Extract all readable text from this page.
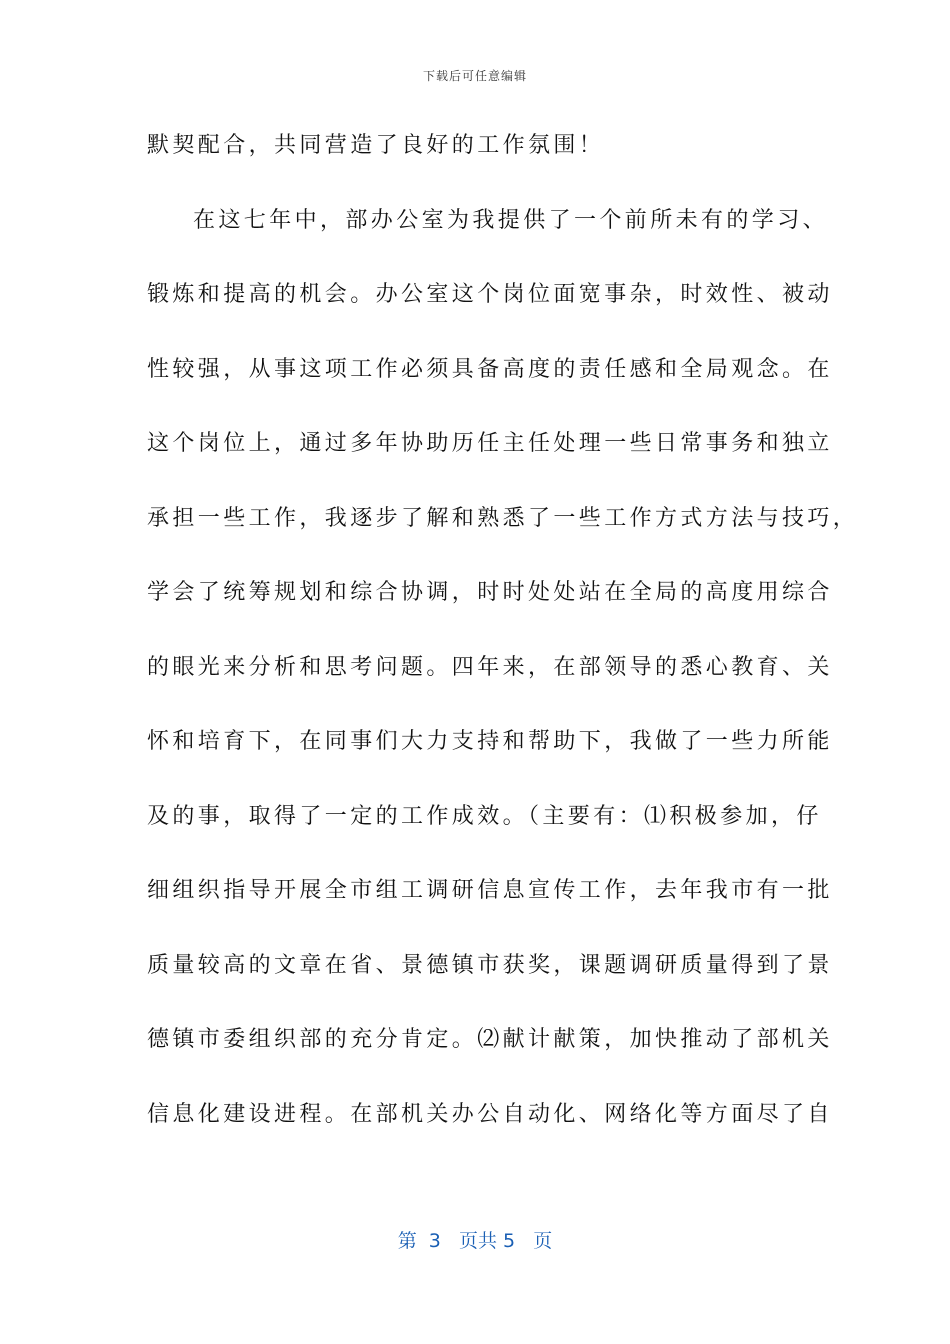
下载后可任意编辑
默契配合，共同营造了良好的工作氛围！
在这七年中，部办公室为我提供了一个前所未有的学习、
锻炼和提高的机会。办公室这个岗位面宽事杂，时效性、被动
性较强，从事这项工作必须具备高度的责任感和全局观念。在
这个岗位上，通过多年协助历任主任处理一些日常事务和独立
承担一些工作，我逐步了解和熟悉了一些工作方式方法与技巧，
学会了统筹规划和综合协调，时时处处站在全局的高度用综合
的眼光来分析和思考问题。四年来，在部领导的悉心教育、关
怀和培育下，在同事们大力支持和帮助下，我做了一些力所能
及的事，取得了一定的工作成效。（主要有：⑴积极参加，仔
细组织指导开展全市组工调研信息宣传工作，去年我市有一批
质量较高的文章在省、景德镇市获奖，课题调研质量得到了景
德镇市委组织部的充分肯定。⑵献计献策，加快推动了部机关
信息化建设进程。在部机关办公自动化、网络化等方面尽了自
第  3   页共 5   页
